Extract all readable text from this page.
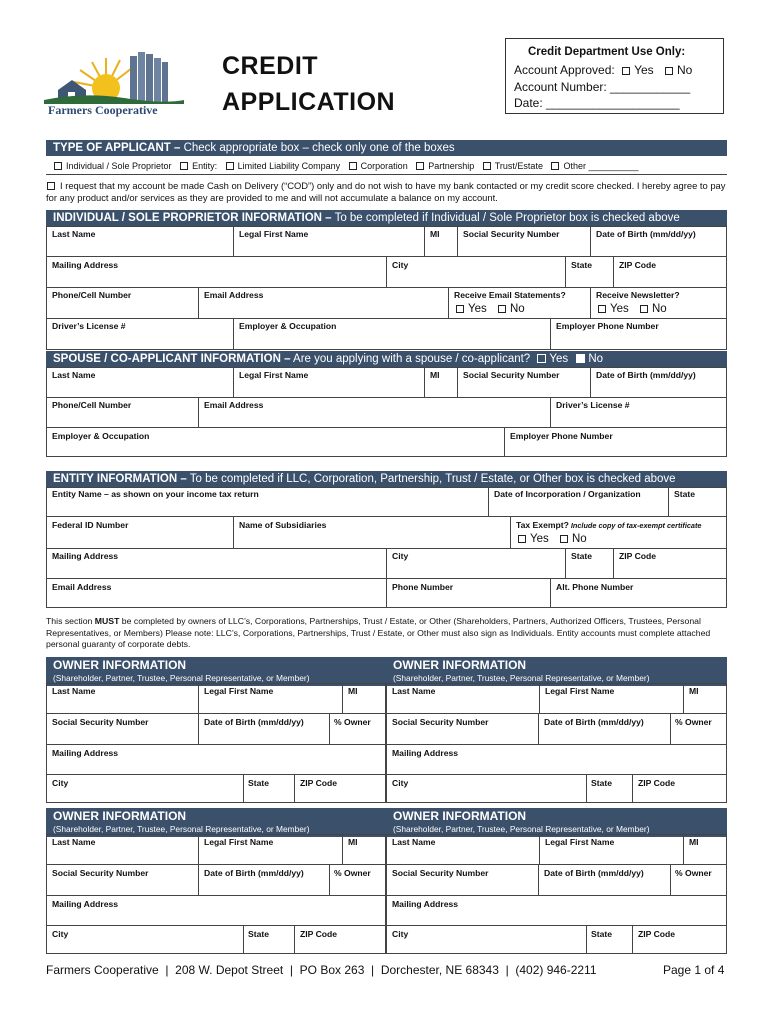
Farmers Cooperative
CREDIT
APPLICATION
Credit Department Use Only:
Account Approved: Yes No
Account Number: ____________
Date: ____________________
TYPE OF APPLICANT – Check appropriate box – check only one of the boxes
Individual / Sole Proprietor Entity: Limited Liability Company Corporation Partnership Trust/Estate Other __________
I request that my account be made Cash on Delivery (“COD”) only and do not wish to have my bank contacted or my credit score checked. I hereby agree to pay for any product and/or services as they are provided to me and will not accumulate a balance on my account.
INDIVIDUAL / SOLE PROPRIETOR INFORMATION – To be completed if Individual / Sole Proprietor box is checked above
Last Name	Legal First Name	MI	Social Security Number	Date of Birth (mm/dd/yy)
Mailing Address	City	State	ZIP Code
Phone/Cell Number	Email Address	Receive Email Statements?	Receive Newsletter?
Yes No	Yes No
Driver’s License #	Employer & Occupation	Employer Phone Number
SPOUSE / CO-APPLICANT INFORMATION – Are you applying with a spouse / co-applicant? Yes No
Last Name	Legal First Name	MI	Social Security Number	Date of Birth (mm/dd/yy)
Phone/Cell Number	Email Address	Driver’s License #
Employer & Occupation	Employer Phone Number
ENTITY INFORMATION – To be completed if LLC, Corporation, Partnership, Trust / Estate, or Other box is checked above
Entity Name – as shown on your income tax return	Date of Incorporation / Organization	State
Federal ID Number	Name of Subsidiaries	Tax Exempt? Include copy of tax-exempt certificate
Yes No
Mailing Address	City	State	ZIP Code
Email Address	Phone Number	Alt. Phone Number
This section MUST be completed by owners of LLC’s, Corporations, Partnerships, Trust / Estate, or Other (Shareholders, Partners, Authorized Officers, Trustees, Personal Representatives, or Members) Please note: LLC’s, Corporations, Partnerships, Trust / Estate, or Other must also sign as Individuals. Entity accounts must complete attached personal guaranty of corporate debts.
OWNER INFORMATION
(Shareholder, Partner, Trustee, Personal Representative, or Member)
Last Name	Legal First Name	MI
Social Security Number	Date of Birth (mm/dd/yy)	% Owner
Mailing Address
City	State	ZIP Code
OWNER INFORMATION
(Shareholder, Partner, Trustee, Personal Representative, or Member)
Last Name	Legal First Name	MI
Social Security Number	Date of Birth (mm/dd/yy)	% Owner
Mailing Address
City	State	ZIP Code
OWNER INFORMATION
(Shareholder, Partner, Trustee, Personal Representative, or Member)
Last Name	Legal First Name	MI
Social Security Number	Date of Birth (mm/dd/yy)	% Owner
Mailing Address
City	State	ZIP Code
OWNER INFORMATION
(Shareholder, Partner, Trustee, Personal Representative, or Member)
Last Name	Legal First Name	MI
Social Security Number	Date of Birth (mm/dd/yy)	% Owner
Mailing Address
City	State	ZIP Code
Farmers Cooperative  |  208 W. Depot Street  |  PO Box 263  |  Dorchester, NE 68343  |  (402) 946-2211	Page 1 of 4
